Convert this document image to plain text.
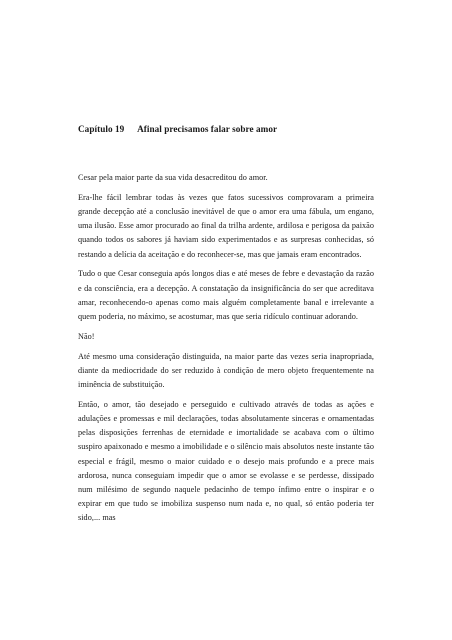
Capítulo 19 Afinal precisamos falar sobre amor

Cesar pela maior parte da sua vida desacreditou do amor.

Era-lhe fácil lembrar todas às vezes que fatos sucessivos comprovaram a primeira grande decepção até a conclusão inevitável de que o amor era uma fábula, um engano, uma ilusão. Esse amor procurado ao final da trilha ardente, ardilosa e perigosa da paixão quando todos os sabores já haviam sido experimentados e as surpresas conhecidas, só restando a delícia da aceitação e do reconhecer-se, mas que jamais eram encontrados.

Tudo o que Cesar conseguia após longos dias e até meses de febre e devastação da razão e da consciência, era a decepção. A constatação da insignificância do ser que acreditava amar, reconhecendo-o apenas como mais alguém completamente banal e irrelevante a quem poderia, no máximo, se acostumar, mas que seria ridículo continuar adorando.

Não!

Até mesmo uma consideração distinguida, na maior parte das vezes seria inapropriada, diante da mediocridade do ser reduzido à condição de mero objeto frequentemente na iminência de substituição.

Então, o amor, tão desejado e perseguido e cultivado através de todas as ações e adulações e promessas e mil declarações, todas absolutamente sinceras e ornamentadas pelas disposições ferrenhas de eternidade e imortalidade se acabava com o último suspiro apaixonado e mesmo a imobilidade e o silêncio mais absolutos neste instante tão especial e frágil, mesmo o maior cuidado e o desejo mais profundo e a prece mais ardorosa, nunca conseguiam impedir que o amor se evolasse e se perdesse, dissipado num milésimo de segundo naquele pedacinho de tempo ínfimo entre o inspirar e o expirar em que tudo se imobiliza suspenso num nada e, no qual, só então poderia ter sido,... mas
